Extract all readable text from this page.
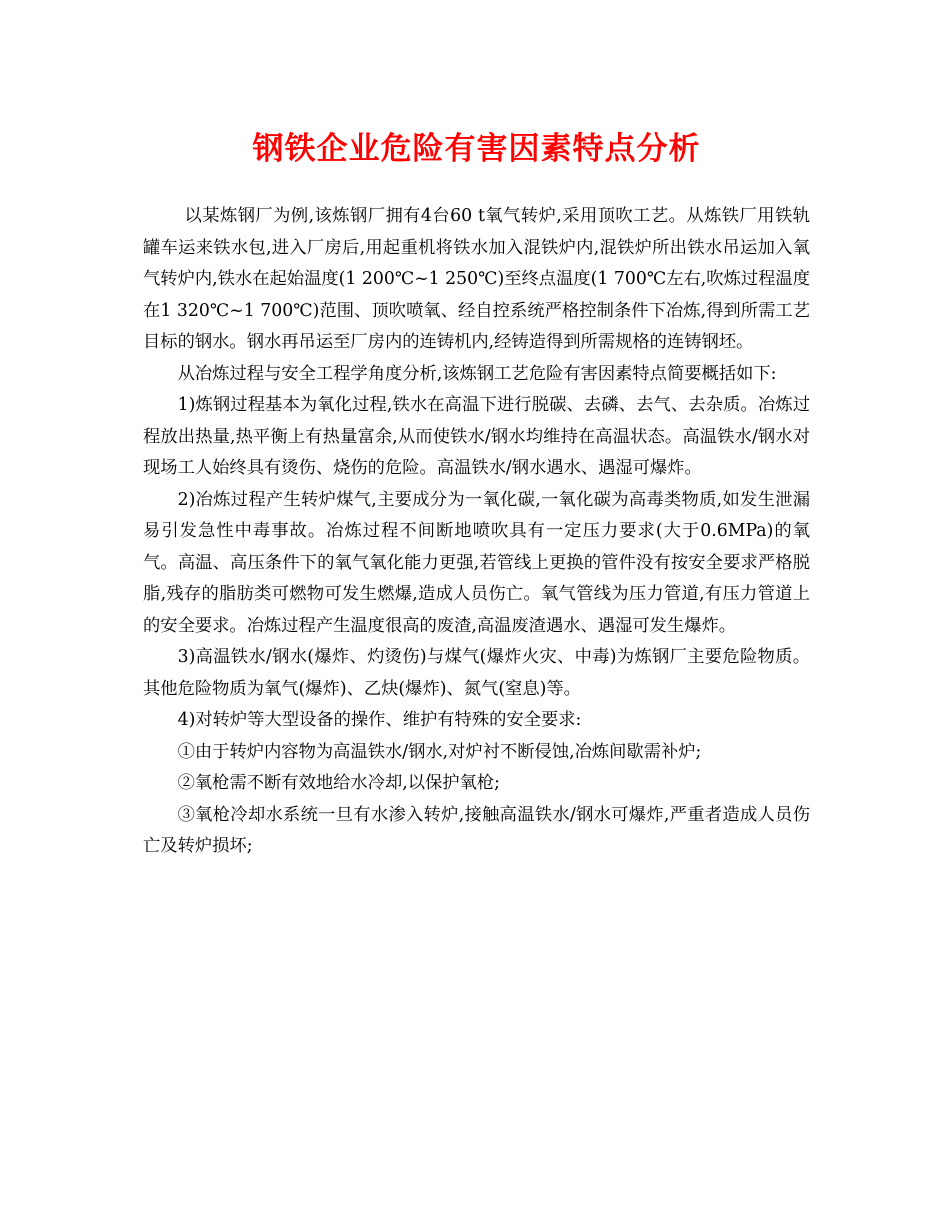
钢铁企业危险有害因素特点分析

以某炼钢厂为例,该炼钢厂拥有4台60 t氧气转炉,采用顶吹工艺。从炼铁厂用铁轨罐车运来铁水包,进入厂房后,用起重机将铁水加入混铁炉内,混铁炉所出铁水吊运加入氧气转炉内,铁水在起始温度(1 200℃~1 250℃)至终点温度(1 700℃左右,吹炼过程温度在1 320℃~1 700℃)范围、顶吹喷氧、经自控系统严格控制条件下冶炼,得到所需工艺目标的钢水。钢水再吊运至厂房内的连铸机内,经铸造得到所需规格的连铸钢坯。

从冶炼过程与安全工程学角度分析,该炼钢工艺危险有害因素特点简要概括如下:

1)炼钢过程基本为氧化过程,铁水在高温下进行脱碳、去磷、去气、去杂质。冶炼过程放出热量,热平衡上有热量富余,从而使铁水/钢水均维持在高温状态。高温铁水/钢水对现场工人始终具有烫伤、烧伤的危险。高温铁水/钢水遇水、遇湿可爆炸。

2)冶炼过程产生转炉煤气,主要成分为一氧化碳,一氧化碳为高毒类物质,如发生泄漏易引发急性中毒事故。冶炼过程不间断地喷吹具有一定压力要求(大于0.6MPa)的氧气。高温、高压条件下的氧气氧化能力更强,若管线上更换的管件没有按安全要求严格脱脂,残存的脂肪类可燃物可发生燃爆,造成人员伤亡。氧气管线为压力管道,有压力管道上的安全要求。冶炼过程产生温度很高的废渣,高温废渣遇水、遇湿可发生爆炸。

3)高温铁水/钢水(爆炸、灼烫伤)与煤气(爆炸火灾、中毒)为炼钢厂主要危险物质。其他危险物质为氧气(爆炸)、乙炔(爆炸)、氮气(窒息)等。

4)对转炉等大型设备的操作、维护有特殊的安全要求:

①由于转炉内容物为高温铁水/钢水,对炉衬不断侵蚀,冶炼间歇需补炉;

②氧枪需不断有效地给水冷却,以保护氧枪;

③氧枪冷却水系统一旦有水渗入转炉,接触高温铁水/钢水可爆炸,严重者造成人员伤亡及转炉损坏;
